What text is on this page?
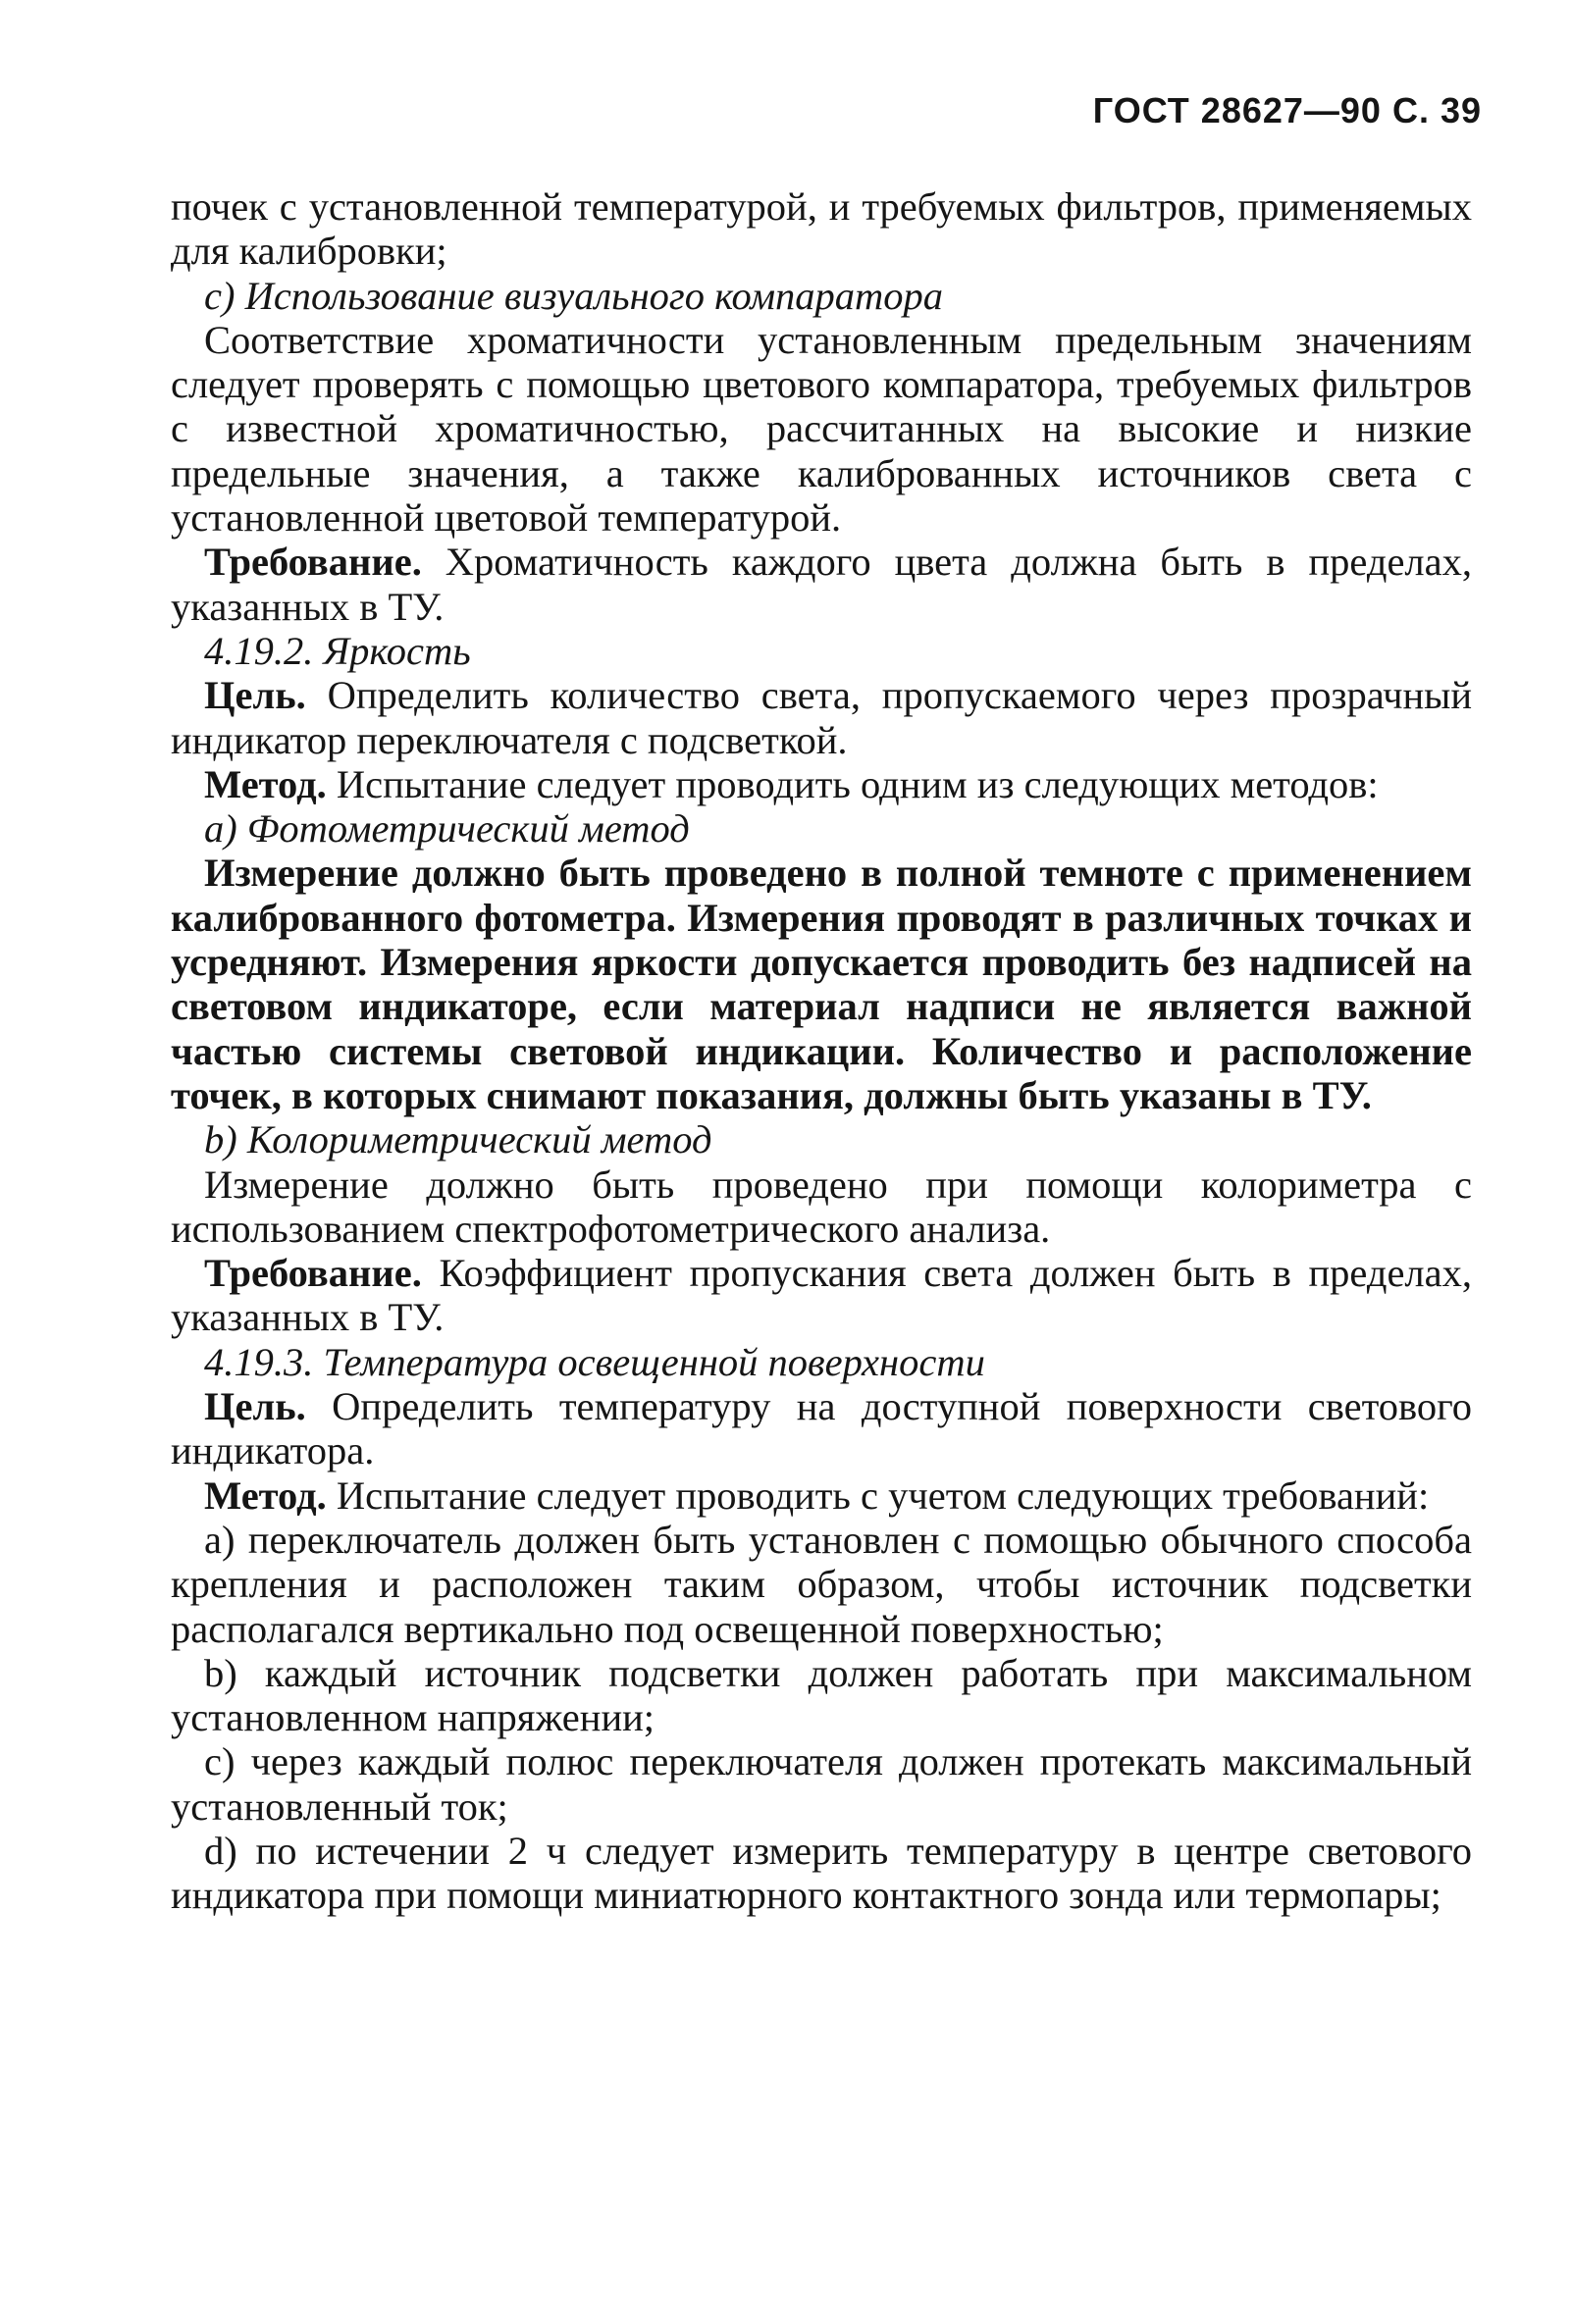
ГОСТ 28627—90 С. 39

почек с установленной температурой, и требуемых фильтров, применяемых для калибровки;

c) Использование визуального компаратора

Соответствие хроматичности установленным предельным значениям следует проверять с помощью цветового компаратора, требуемых фильтров с известной хроматичностью, рассчитанных на высокие и низкие предельные значения, а также калиброванных источников света с установленной цветовой температурой.

Требование. Хроматичность каждого цвета должна быть в пределах, указанных в ТУ.

4.19.2. Яркость

Цель. Определить количество света, пропускаемого через прозрачный индикатор переключателя с подсветкой.

Метод. Испытание следует проводить одним из следующих методов:

a) Фотометрический метод

Измерение должно быть проведено в полной темноте с применением калиброванного фотометра. Измерения проводят в различных точках и усредняют. Измерения яркости допускается проводить без надписей на световом индикаторе, если материал надписи не является важной частью системы световой индикации. Количество и расположение точек, в которых снимают показания, должны быть указаны в ТУ.

b) Колориметрический метод

Измерение должно быть проведено при помощи колориметра с использованием спектрофотометрического анализа.

Требование. Коэффициент пропускания света должен быть в пределах, указанных в ТУ.

4.19.3. Температура освещенной поверхности

Цель. Определить температуру на доступной поверхности светового индикатора.

Метод. Испытание следует проводить с учетом следующих требований:

a) переключатель должен быть установлен с помощью обычного способа крепления и расположен таким образом, чтобы источник подсветки располагался вертикально под освещенной поверхностью;

b) каждый источник подсветки должен работать при максимальном установленном напряжении;

c) через каждый полюс переключателя должен протекать максимальный установленный ток;

d) по истечении 2 ч следует измерить температуру в центре светового индикатора при помощи миниатюрного контактного зонда или термопары;
